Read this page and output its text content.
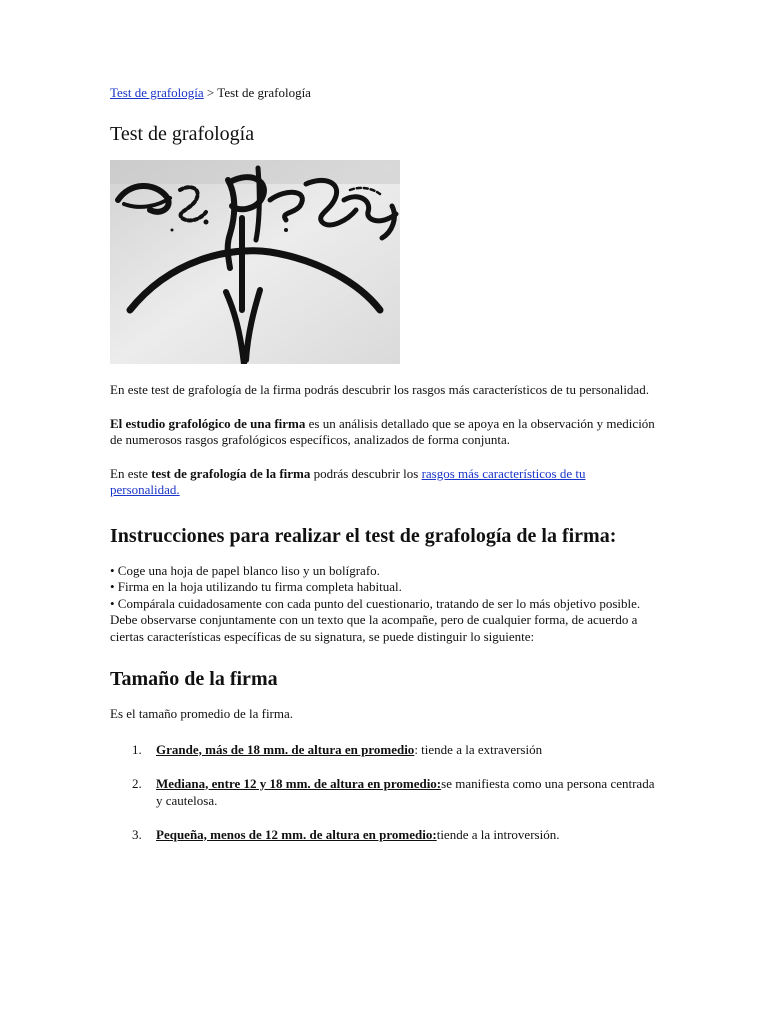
Test de grafología > Test de grafología

Test de grafología

En este test de grafología de la firma podrás descubrir los rasgos más característicos de tu personalidad.

El estudio grafológico de una firma es un análisis detallado que se apoya en la observación y medición de numerosos rasgos grafológicos específicos, analizados de forma conjunta.

En este test de grafología de la firma podrás descubrir los rasgos más característicos de tu personalidad.

Instrucciones para realizar el test de grafología de la firma:
• Coge una hoja de papel blanco liso y un bolígrafo.
• Firma en la hoja utilizando tu firma completa habitual.
• Compárala cuidadosamente con cada punto del cuestionario, tratando de ser lo más objetivo posible.
Debe observarse conjuntamente con un texto que la acompañe, pero de cualquier forma, de acuerdo a ciertas características específicas de su signatura, se puede distinguir lo siguiente:
Tamaño de la firma

Es el tamaño promedio de la firma.

1. Grande, más de 18 mm. de altura en promedio: tiende a la extraversión
2. Mediana, entre 12 y 18 mm. de altura en promedio:se manifiesta como una persona centrada y cautelosa.
3. Pequeña, menos de 12 mm. de altura en promedio:tiende a la introversión.
